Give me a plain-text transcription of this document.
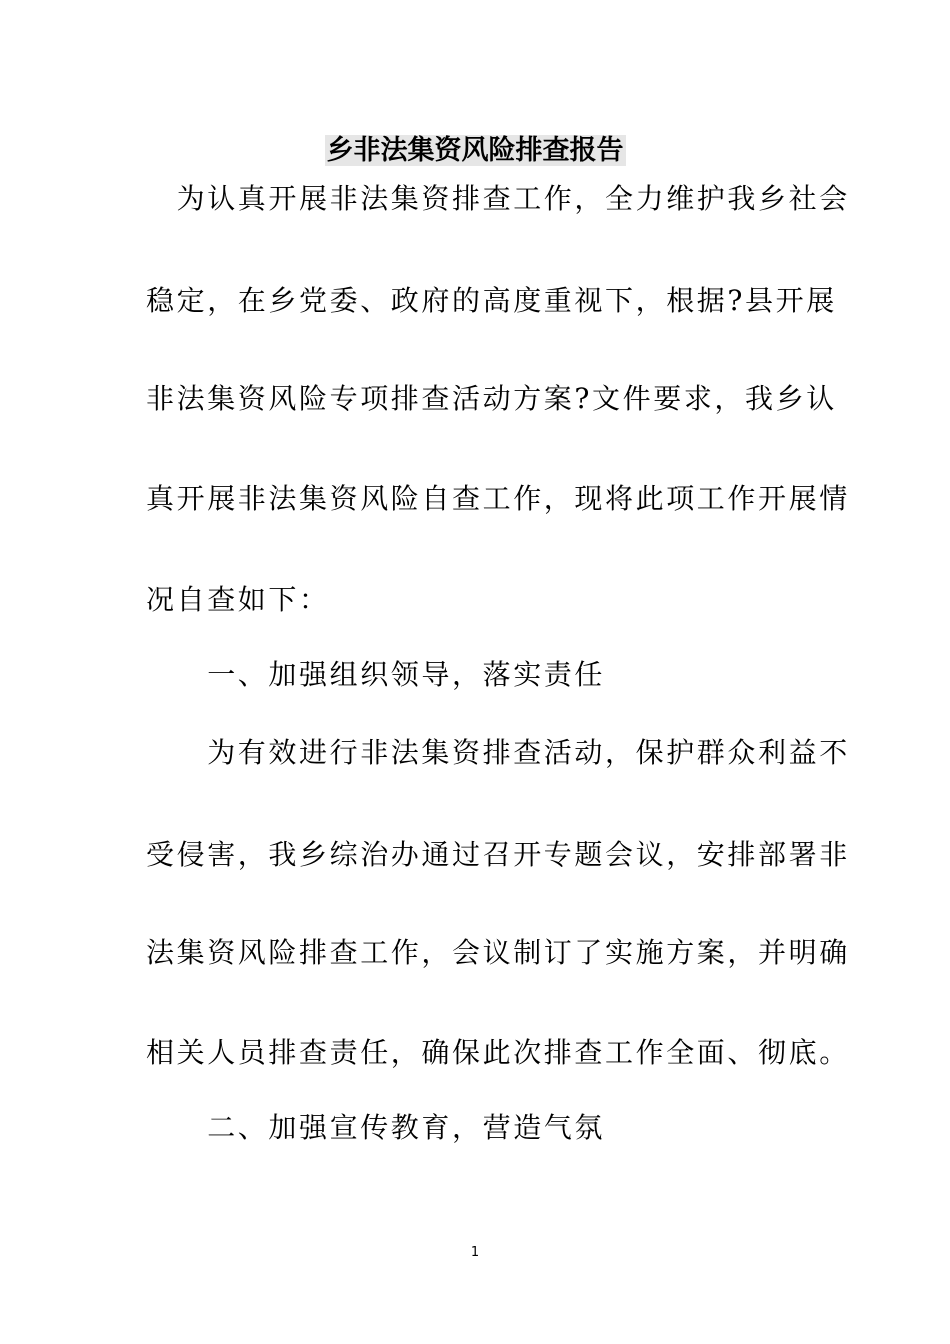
乡非法集资风险排查报告
　为认真开展非法集资排查工作，全力维护我乡社会
稳定，在乡党委、政府的高度重视下，根据?县开展
非法集资风险专项排查活动方案?文件要求，我乡认
真开展非法集资风险自查工作，现将此项工作开展情
况自查如下：
　　一、加强组织领导，落实责任
　　为有效进行非法集资排查活动，保护群众利益不
受侵害，我乡综治办通过召开专题会议，安排部署非
法集资风险排查工作，会议制订了实施方案，并明确
相关人员排查责任，确保此次排查工作全面、彻底。
　　二、加强宣传教育，营造气氛
1
